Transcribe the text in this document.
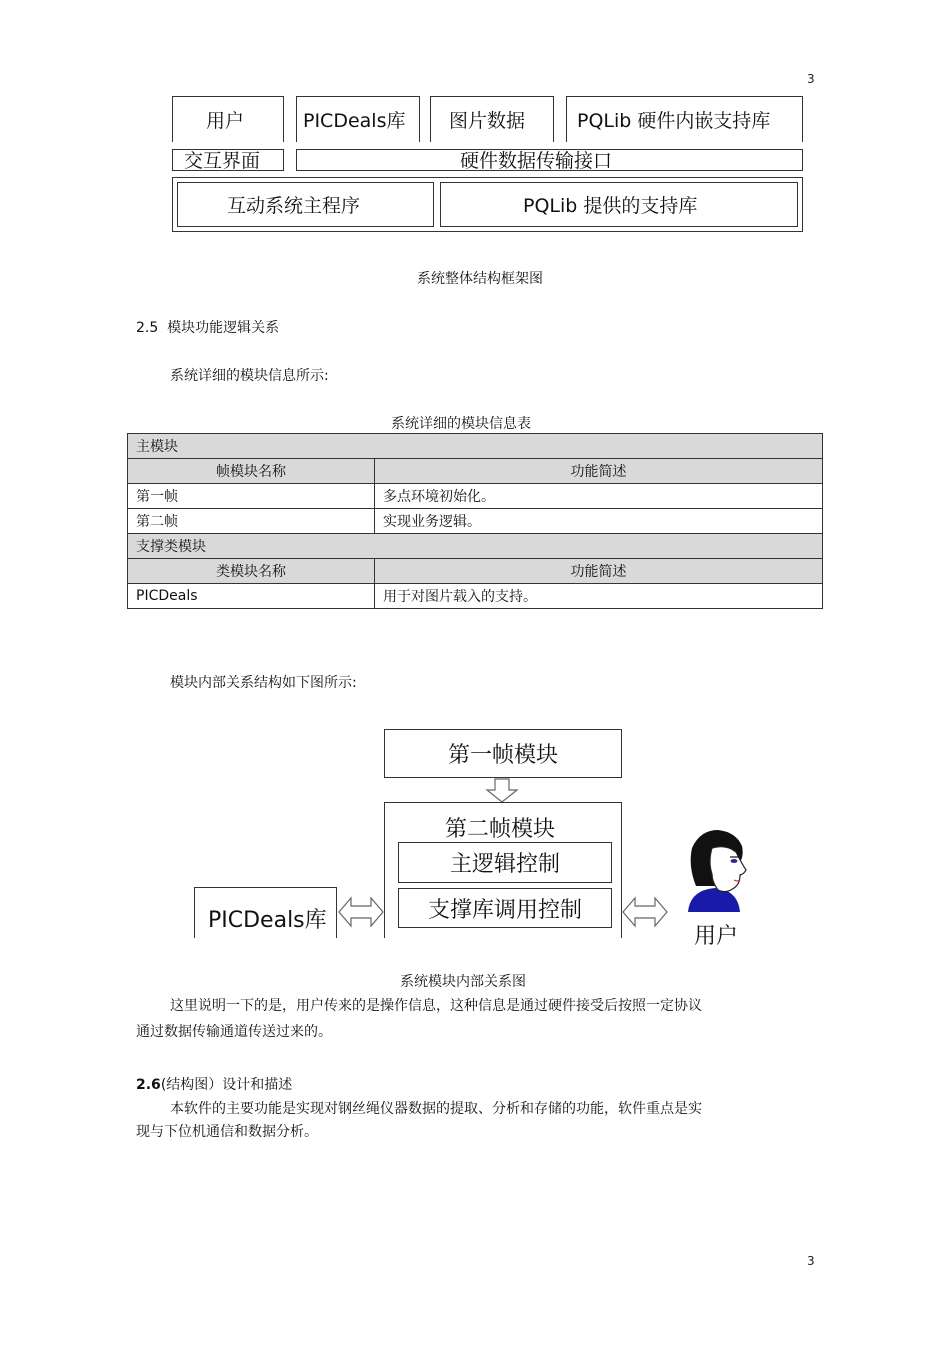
3
用户	PICDeals库 图片数据	PQLib 硬件内嵌支持库
交互界面	硬件数据传输接口
互动系统主程序	PQLib 提供的支持库
系统整体结构框架图
2.5  模块功能逻辑关系
系统详细的模块信息所示:
系统详细的模块信息表
主模块	
帧模块名称	功能简述
第一帧	多点环境初始化。
第二帧	实现业务逻辑。
支撑类模块	
类模块名称	功能简述
PICDeals	用于对图片载入的支持。
模块内部关系结构如下图所示:
第一帧模块
第二帧模块
主逻辑控制
支撑库调用控制
PICDeals库
用户
系统模块内部关系图
这里说明一下的是，用户传来的是操作信息，这种信息是通过硬件接受后按照一定协议
通过数据传输通道传送过来的。
2.6(结构图）设计和描述
本软件的主要功能是实现对钢丝绳仪器数据的提取、分析和存储的功能，软件重点是实
现与下位机通信和数据分析。
3
